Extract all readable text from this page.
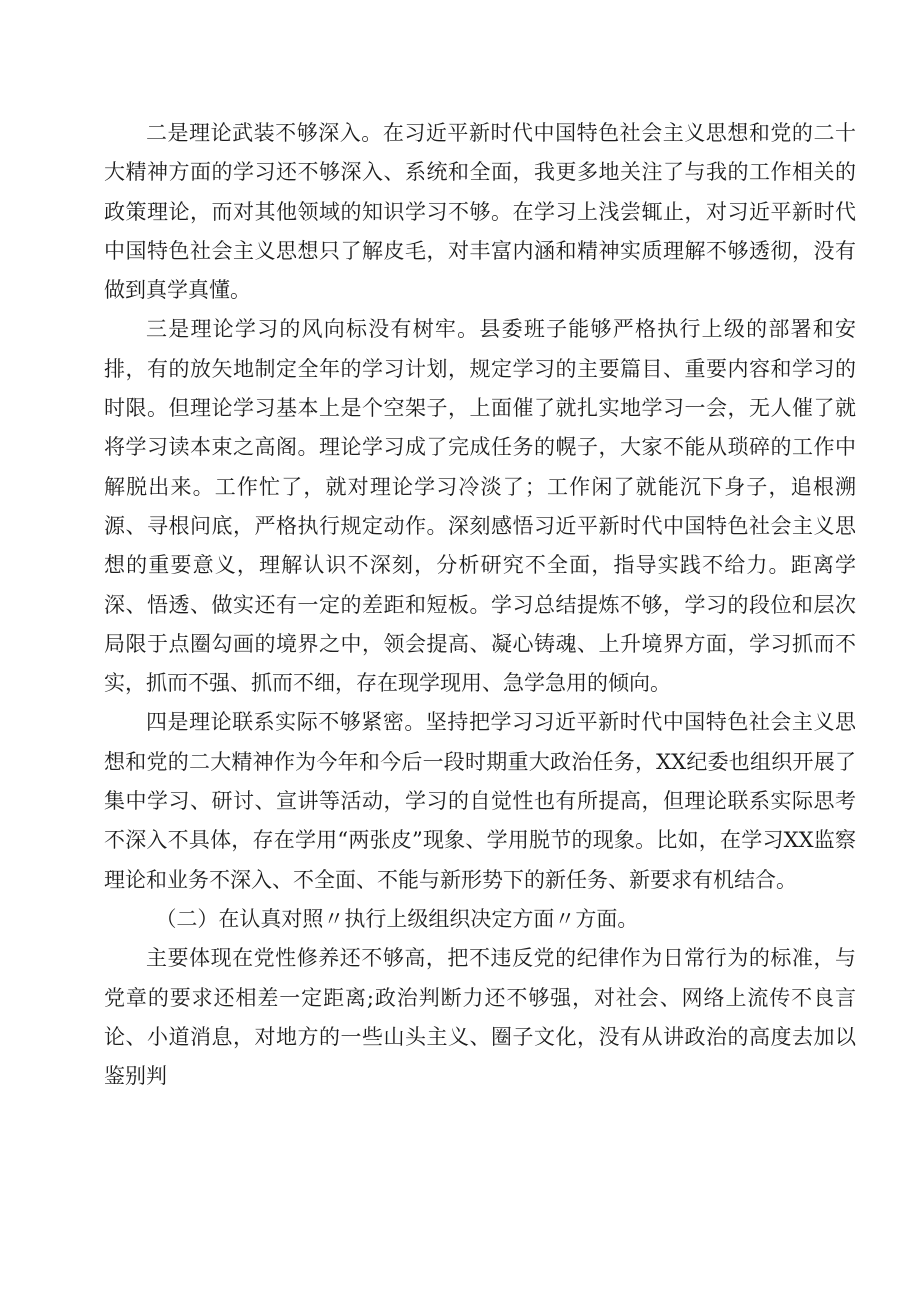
二是理论武装不够深入。在习近平新时代中国特色社会主义思想和党的二十大精神方面的学习还不够深入、系统和全面，我更多地关注了与我的工作相关的政策理论，而对其他领域的知识学习不够。在学习上浅尝辄止，对习近平新时代中国特色社会主义思想只了解皮毛，对丰富内涵和精神实质理解不够透彻，没有做到真学真懂。

三是理论学习的风向标没有树牢。县委班子能够严格执行上级的部署和安排，有的放矢地制定全年的学习计划，规定学习的主要篇目、重要内容和学习的时限。但理论学习基本上是个空架子，上面催了就扎实地学习一会，无人催了就将学习读本束之高阁。理论学习成了完成任务的幌子，大家不能从琐碎的工作中解脱出来。工作忙了，就对理论学习冷淡了；工作闲了就能沉下身子，追根溯源、寻根问底，严格执行规定动作。深刻感悟习近平新时代中国特色社会主义思想的重要意义，理解认识不深刻，分析研究不全面，指导实践不给力。距离学深、悟透、做实还有一定的差距和短板。学习总结提炼不够，学习的段位和层次局限于点圈勾画的境界之中，领会提高、凝心铸魂、上升境界方面，学习抓而不实，抓而不强、抓而不细，存在现学现用、急学急用的倾向。

四是理论联系实际不够紧密。坚持把学习习近平新时代中国特色社会主义思想和党的二大精神作为今年和今后一段时期重大政治任务，XX纪委也组织开展了集中学习、研讨、宣讲等活动，学习的自觉性也有所提高，但理论联系实际思考不深入不具体，存在学用“两张皮”现象、学用脱节的现象。比如，在学习XX监察理论和业务不深入、不全面、不能与新形势下的新任务、新要求有机结合。

（二）在认真对照〃执行上级组织决定方面〃方面。

主要体现在党性修养还不够高，把不违反党的纪律作为日常行为的标准，与党章的要求还相差一定距离;政治判断力还不够强，对社会、网络上流传不良言论、小道消息，对地方的一些山头主义、圈子文化，没有从讲政治的高度去加以鉴别判
